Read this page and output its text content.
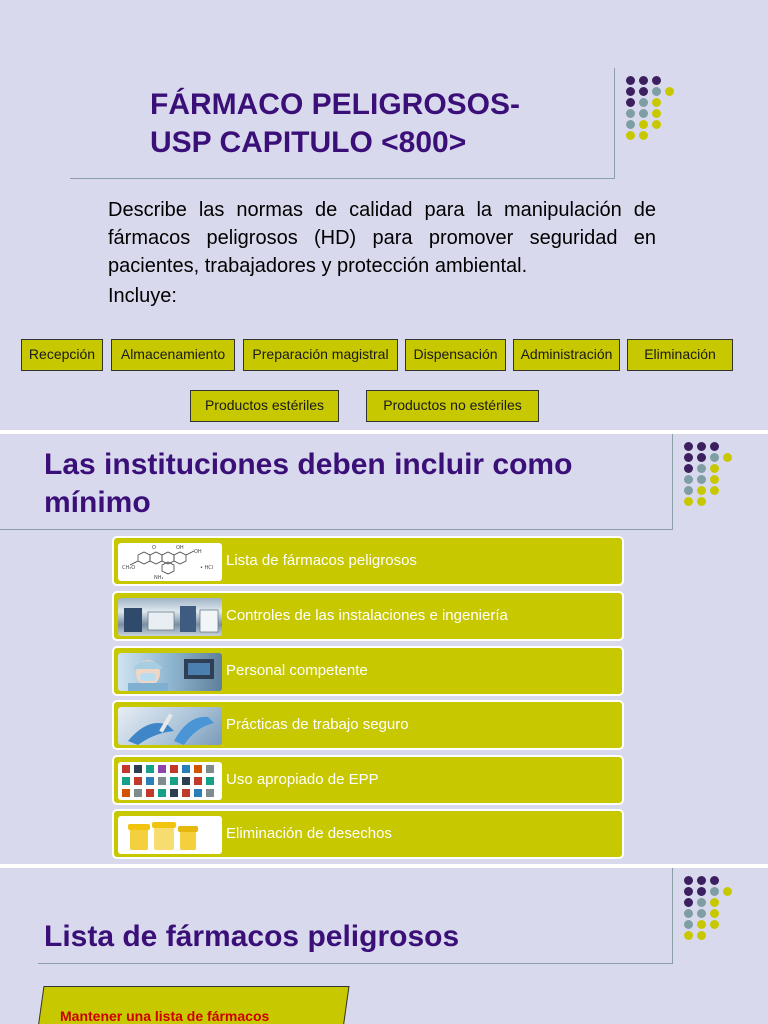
FÁRMACO PELIGROSOS-
USP CAPITULO <800>
Describe las normas de calidad para la manipulación de fármacos peligrosos (HD) para promover seguridad en pacientes, trabajadores y protección ambiental.
Incluye:
Recepción	Almacenamiento	Preparación magistral	Dispensación	Administración	Eliminación
Productos estériles	Productos no estériles
Las instituciones deben incluir como mínimo
CH₃O
O	OH
OH
• HCl
NH₂
Lista de fármacos peligrosos
Controles de las instalaciones e ingeniería
Personal competente
Prácticas de trabajo seguro
Uso apropiado de EPP
Eliminación de desechos
Lista de fármacos peligrosos
Mantener una lista de fármacos
